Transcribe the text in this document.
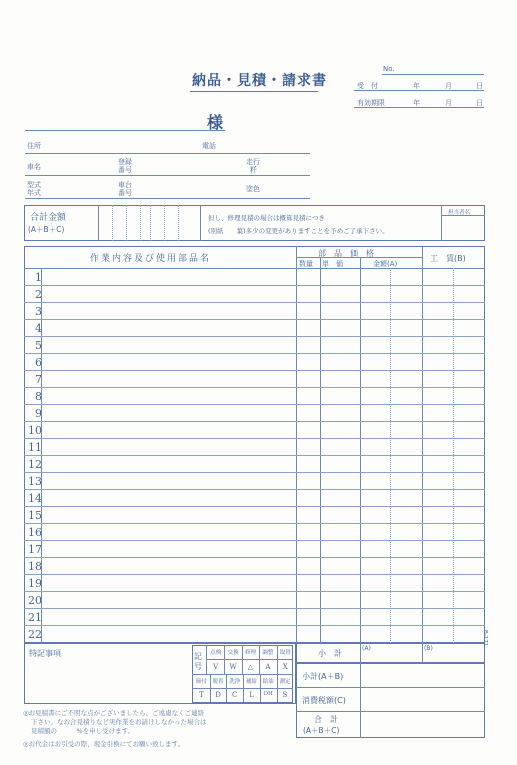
納品・見積・請求書
No.
受　付	年	月	日
有効期限	年	月	日
様
住所	電話
車名
登録
番号
走行
粁
型式
年式
車台
番号	塗色
合計金額
(A＋B＋C)
但し、修理見積の場合は概算見積につき
(別紙　　葉)多少の変更がありますことを予めご了承下さい。
担当者名
作業内容及び使用部品名
部　品　価　格
数量 単　価	金額(A)
工　賃(B)
1
2
3
4
5
6
7
8
9
10
11
12
13
14
15
16
17
18
19
20
21
22
小　計
(A)	(B)
B-171
特記事項	記号
点検	交換	修理	調整	取替
V	W	△	A	X
締付	脱着	洗浄	補給	給油	測定
T	D	C	L	OH	S
小計(A＋B)
消費税額(C)
合　計
(A＋B＋C)
◎お見積書にご不明な点がございましたら、ご遠慮なくご連絡
下さい。なお合見積りなど実作業をお請けしなかった場合は
見積額の　　　%を申し受けます。
◎お代金はお引受の際、現金引換にてお願い致します。
